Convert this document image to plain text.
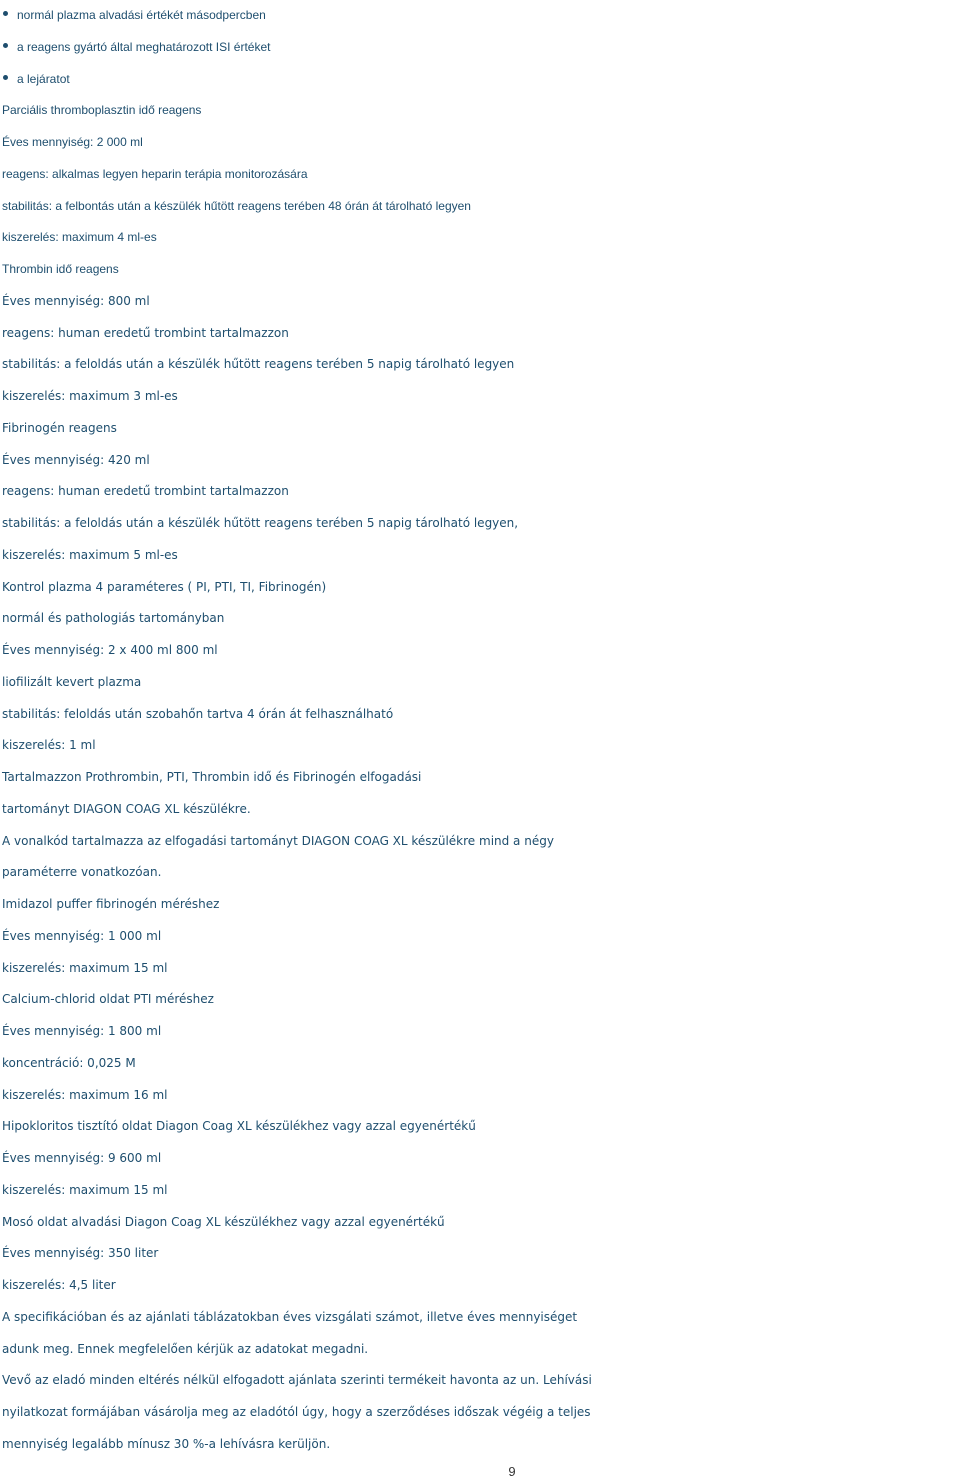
normál plazma alvadási értékét másodpercben
a reagens gyártó által meghatározott ISI értéket
a lejáratot
Parciális thromboplasztin idő reagens
Éves mennyiség: 2 000 ml
reagens: alkalmas legyen heparin terápia monitorozására
stabilitás: a felbontás után a készülék hűtött reagens terében 48 órán át tárolható legyen
kiszerelés: maximum 4 ml-es
Thrombin idő reagens
Éves mennyiség: 800 ml
reagens: human eredetű trombint tartalmazzon
stabilitás: a feloldás után a készülék hűtött reagens terében 5 napig tárolható legyen
kiszerelés: maximum 3 ml-es
Fibrinogén reagens
Éves mennyiség: 420 ml
reagens: human eredetű trombint tartalmazzon
stabilitás: a feloldás után a készülék hűtött reagens terében 5 napig tárolható legyen,
kiszerelés: maximum 5 ml-es
Kontrol plazma 4 paraméteres ( PI, PTI, TI, Fibrinogén)
normál és pathologiás tartományban
Éves mennyiség: 2 x 400 ml 800 ml
liofilizált kevert plazma
stabilitás: feloldás után szobahőn tartva 4 órán át felhasználható
kiszerelés: 1 ml
Tartalmazzon Prothrombin, PTI, Thrombin idő és Fibrinogén elfogadási
tartományt DIAGON COAG XL készülékre.
A vonalkód tartalmazza az elfogadási tartományt DIAGON COAG XL készülékre mind a négy
paraméterre vonatkozóan.
Imidazol puffer fibrinogén méréshez
Éves mennyiség: 1 000 ml
kiszerelés: maximum 15 ml
Calcium-chlorid oldat PTI méréshez
Éves mennyiség: 1 800 ml
koncentráció: 0,025 M
kiszerelés: maximum 16 ml
Hipokloritos tisztító oldat Diagon Coag XL készülékhez vagy azzal egyenértékű
Éves mennyiség: 9 600 ml
kiszerelés: maximum 15 ml
Mosó oldat alvadási Diagon Coag XL készülékhez vagy azzal egyenértékű
Éves mennyiség: 350 liter
kiszerelés: 4,5 liter
A specifikációban és az ajánlati táblázatokban éves vizsgálati számot, illetve éves mennyiséget
adunk meg. Ennek megfelelően kérjük az adatokat megadni.
Vevő az eladó minden eltérés nélkül elfogadott ajánlata szerinti termékeit havonta az un. Lehívási
nyilatkozat formájában vásárolja meg az eladótól úgy, hogy a szerződéses időszak végéig a teljes
mennyiség legalább mínusz 30 %-a lehívásra kerüljön.
9
